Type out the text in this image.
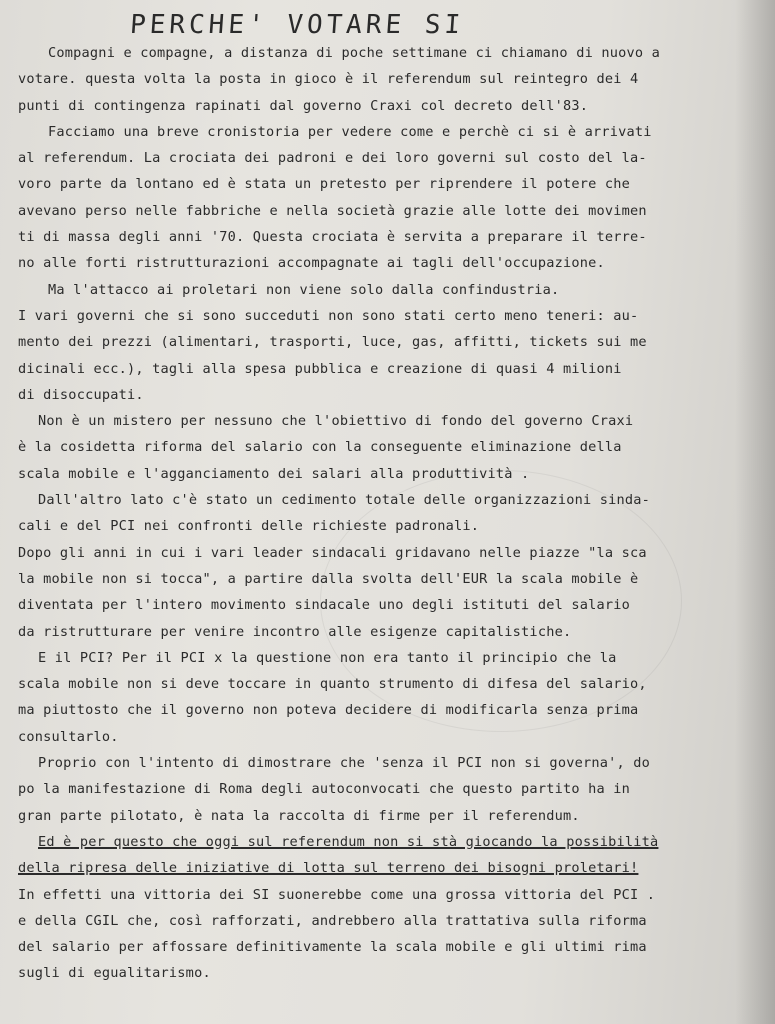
PERCHE' VOTARE SI
Compagni e compagne, a distanza di poche settimane ci chiamano di nuovo a
votare. questa volta la posta in gioco è il referendum sul reintegro dei 4
punti di contingenza rapinati dal governo Craxi col decreto dell'83.
Facciamo una breve cronistoria per vedere come e perchè ci si è arrivati
al referendum. La crociata dei padroni e dei loro governi sul costo del la-
voro parte da lontano ed è stata un pretesto per riprendere il potere che
avevano perso nelle fabbriche e nella società grazie alle lotte dei movimen
ti di massa degli anni '70. Questa crociata è servita a preparare il terre-
no alle forti ristrutturazioni accompagnate ai tagli dell'occupazione.
Ma l'attacco ai proletari non viene solo dalla confindustria.
I vari governi che si sono succeduti non sono stati certo meno teneri: au-
mento dei prezzi (alimentari, trasporti, luce, gas, affitti, tickets sui me
dicinali ecc.), tagli alla spesa pubblica e creazione di quasi 4 milioni
di disoccupati.
Non è un mistero per nessuno che l'obiettivo di fondo del governo Craxi
è la cosidetta riforma del salario con la conseguente eliminazione della
scala mobile e l'agganciamento dei salari alla produttività .
Dall'altro lato c'è stato un cedimento totale delle organizzazioni sinda-
cali e del PCI nei confronti delle richieste padronali.
Dopo gli anni in cui i vari leader sindacali gridavano nelle piazze "la sca
la mobile non si tocca", a partire dalla svolta dell'EUR la scala mobile è
diventata per l'intero movimento sindacale uno degli istituti del salario
da ristrutturare per venire incontro alle esigenze capitalistiche.
E il PCI? Per il PCI x la questione non era tanto il principio che la
scala mobile non si deve toccare in quanto strumento di difesa del salario,
ma piuttosto che il governo non poteva decidere di modificarla senza prima
consultarlo.
Proprio con l'intento di dimostrare che 'senza il PCI non si governa', do
po la manifestazione di Roma degli autoconvocati che questo partito ha in
gran parte pilotato, è nata la raccolta di firme per il referendum.
Ed è per questo che oggi sul referendum non si stà giocando la possibilità
della ripresa delle iniziative di lotta sul terreno dei bisogni proletari!
In effetti una vittoria dei SI suonerebbe come una grossa vittoria del PCI .
e della CGIL che, così rafforzati, andrebbero alla trattativa sulla riforma
del salario per affossare definitivamente la scala mobile e gli ultimi rima
sugli di egualitarismo.
